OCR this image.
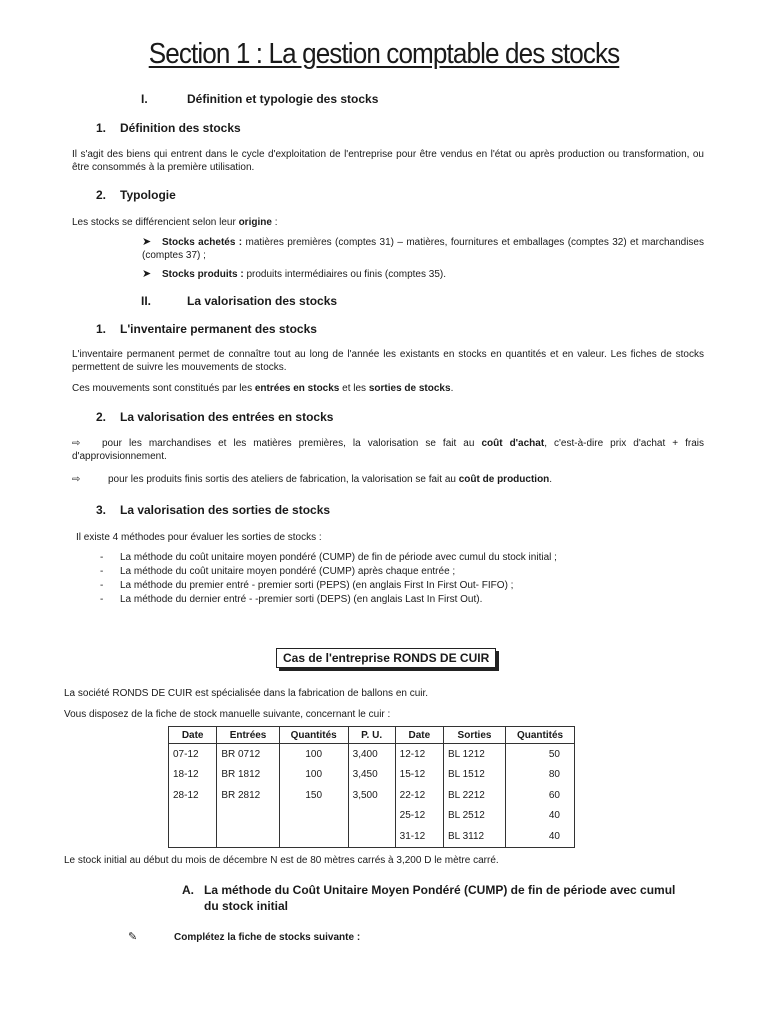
Section 1 : La gestion comptable des stocks
I.	Définition et typologie des stocks
1. Définition des stocks
Il s'agit des biens qui entrent dans le cycle d'exploitation de l'entreprise pour être vendus en l'état ou après production ou transformation, ou être consommés à la première utilisation.
2. Typologie
Les stocks se différencient selon leur origine :
➤ Stocks achetés : matières premières (comptes 31) – matières, fournitures et emballages (comptes 32) et marchandises (comptes 37) ;
➤ Stocks produits : produits intermédiaires ou finis (comptes 35).
II.	La valorisation des stocks
1. L'inventaire permanent des stocks
L'inventaire permanent permet de connaître tout au long de l'année les existants en stocks en quantités et en valeur. Les fiches de stocks permettent de suivre les mouvements de stocks.
Ces mouvements sont constitués par les entrées en stocks et les sorties de stocks.
2. La valorisation des entrées en stocks
⇨ pour les marchandises et les matières premières, la valorisation se fait au coût d'achat, c'est-à-dire prix d'achat + frais d'approvisionnement.
⇨	pour les produits finis sortis des ateliers de fabrication, la valorisation se fait au coût de production.
3. La valorisation des sorties de stocks
Il existe 4 méthodes pour évaluer les sorties de stocks :
- La méthode du coût unitaire moyen pondéré (CUMP) de fin de période avec cumul du stock initial ;
- La méthode du coût unitaire moyen pondéré (CUMP) après chaque entrée ;
- La méthode du premier entré - premier sorti (PEPS) (en anglais First In First Out- FIFO) ;
- La méthode du dernier entré - -premier sorti (DEPS) (en anglais Last In First Out).
Cas de l'entreprise RONDS DE CUIR
La société RONDS DE CUIR est spécialisée dans la fabrication de ballons en cuir.
Vous disposez de la fiche de stock manuelle suivante, concernant le cuir :
Date	Entrées	Quantités	P. U.	Date	Sorties	Quantités
07-12	BR 0712	100	3,400	12-12	BL 1212	50
18-12	BR 1812	100	3,450	15-12	BL 1512	80
28-12	BR 2812	150	3,500	22-12	BL 2212	60
				25-12	BL 2512	40
				31-12	BL 3112	40
Le stock initial au début du mois de décembre N est de 80 mètres carrés à 3,200 D le mètre carré.
A. La méthode du Coût Unitaire Moyen Pondéré (CUMP) de fin de période avec cumul
du stock initial
✎	Complétez la fiche de stocks suivante :
